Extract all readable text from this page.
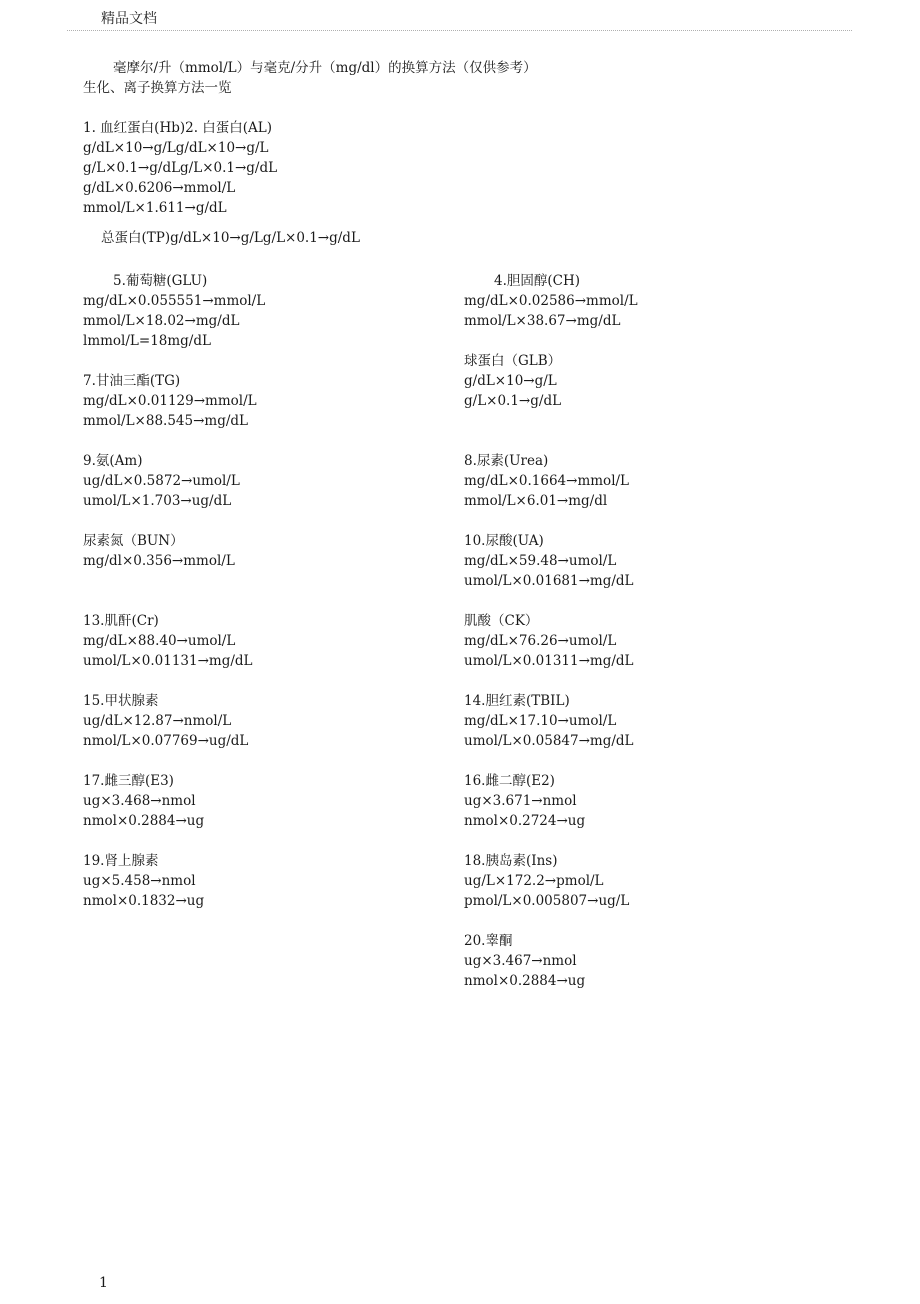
精品文档
毫摩尔/升（mmol/L）与毫克/分升（mg/dl）的换算方法（仅供参考）
生化、离子换算方法一览
1. 血红蛋白(Hb)2. 白蛋白(AL)
g/dL×10→g/Lg/dL×10→g/L
g/L×0.1→g/dLg/L×0.1→g/dL
g/dL×0.6206→mmol/L
mmol/L×1.611→g/dL
总蛋白(TP)g/dL×10→g/Lg/L×0.1→g/dL
5.葡萄糖(GLU)
mg/dL×0.055551→mmol/L
mmol/L×18.02→mg/dL
lmmol/L=18mg/dL
7.甘油三酯(TG)
mg/dL×0.01129→mmol/L
mmol/L×88.545→mg/dL
9.氨(Am)
ug/dL×0.5872→umol/L
umol/L×1.703→ug/dL
尿素氮（BUN）
mg/dl×0.356→mmol/L
13.肌酐(Cr)
mg/dL×88.40→umol/L
umol/L×0.01131→mg/dL
15.甲状腺素
ug/dL×12.87→nmol/L
nmol/L×0.07769→ug/dL
17.雌三醇(E3)
ug×3.468→nmol
nmol×0.2884→ug
19.肾上腺素
ug×5.458→nmol
nmol×0.1832→ug
4.胆固醇(CH)
mg/dL×0.02586→mmol/L
mmol/L×38.67→mg/dL
球蛋白（GLB）
g/dL×10→g/L
g/L×0.1→g/dL
8.尿素(Urea)
mg/dL×0.1664→mmol/L
mmol/L×6.01→mg/dl
10.尿酸(UA)
mg/dL×59.48→umol/L
umol/L×0.01681→mg/dL
肌酸（CK）
mg/dL×76.26→umol/L
umol/L×0.01311→mg/dL
14.胆红素(TBIL)
mg/dL×17.10→umol/L
umol/L×0.05847→mg/dL
16.雌二醇(E2)
ug×3.671→nmol
nmol×0.2724→ug
18.胰岛素(Ins)
ug/L×172.2→pmol/L
pmol/L×0.005807→ug/L
20.睾酮
ug×3.467→nmol
nmol×0.2884→ug
1
